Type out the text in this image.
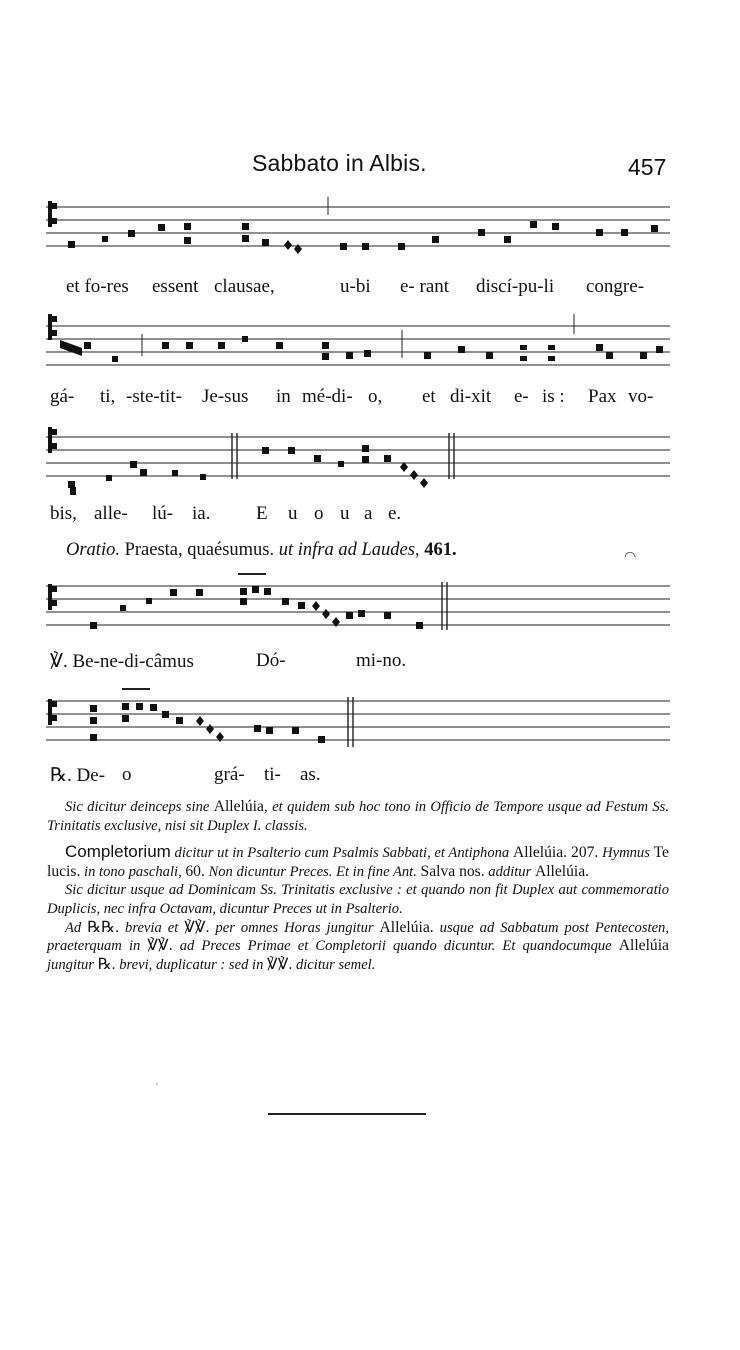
Sabbato in Albis.	457
et fo-res essent clausae,	u-bi e- rant discí-pu-li congre-
gá- ti, -ste-tit- Je-sus in mé-di- o, et di-xit e- is : Pax vo-
bis, alle- lú- ia. E u o u a e.
Oratio. Praesta, quaésumus. ut infra ad Laudes, 461.	◠
℣. Be-ne-di-câmus	Dó-	mi-no.
℞. De- o	grá- ti- as.

Sic dicitur deinceps sine Allelúia, et quidem sub hoc tono in Officio de Tempore usque ad Festum Ss. Trinitatis exclusive, nisi sit Duplex I. classis.

Completorium dicitur ut in Psalterio cum Psalmis Sabbati, et Antiphona Allelúia. 207. Hymnus Te lucis. in tono paschali, 60. Non dicuntur Preces. Et in fine Ant. Salva nos. additur Allelúia.

Sic dicitur usque ad Dominicam Ss. Trinitatis exclusive : et quando non fit Duplex aut commemoratio Duplicis, nec infra Octavam, dicuntur Preces ut in Psalterio.

Ad ℞℞. brevia et ℣℣. per omnes Horas jungitur Allelúia. usque ad Sabbatum post Pentecosten, praeterquam in ℣℣. ad Preces Primae et Completorii quando dicuntur. Et quandocumque Allelúia jungitur ℞. brevi, duplicatur : sed in ℣℣. dicitur semel.

'
